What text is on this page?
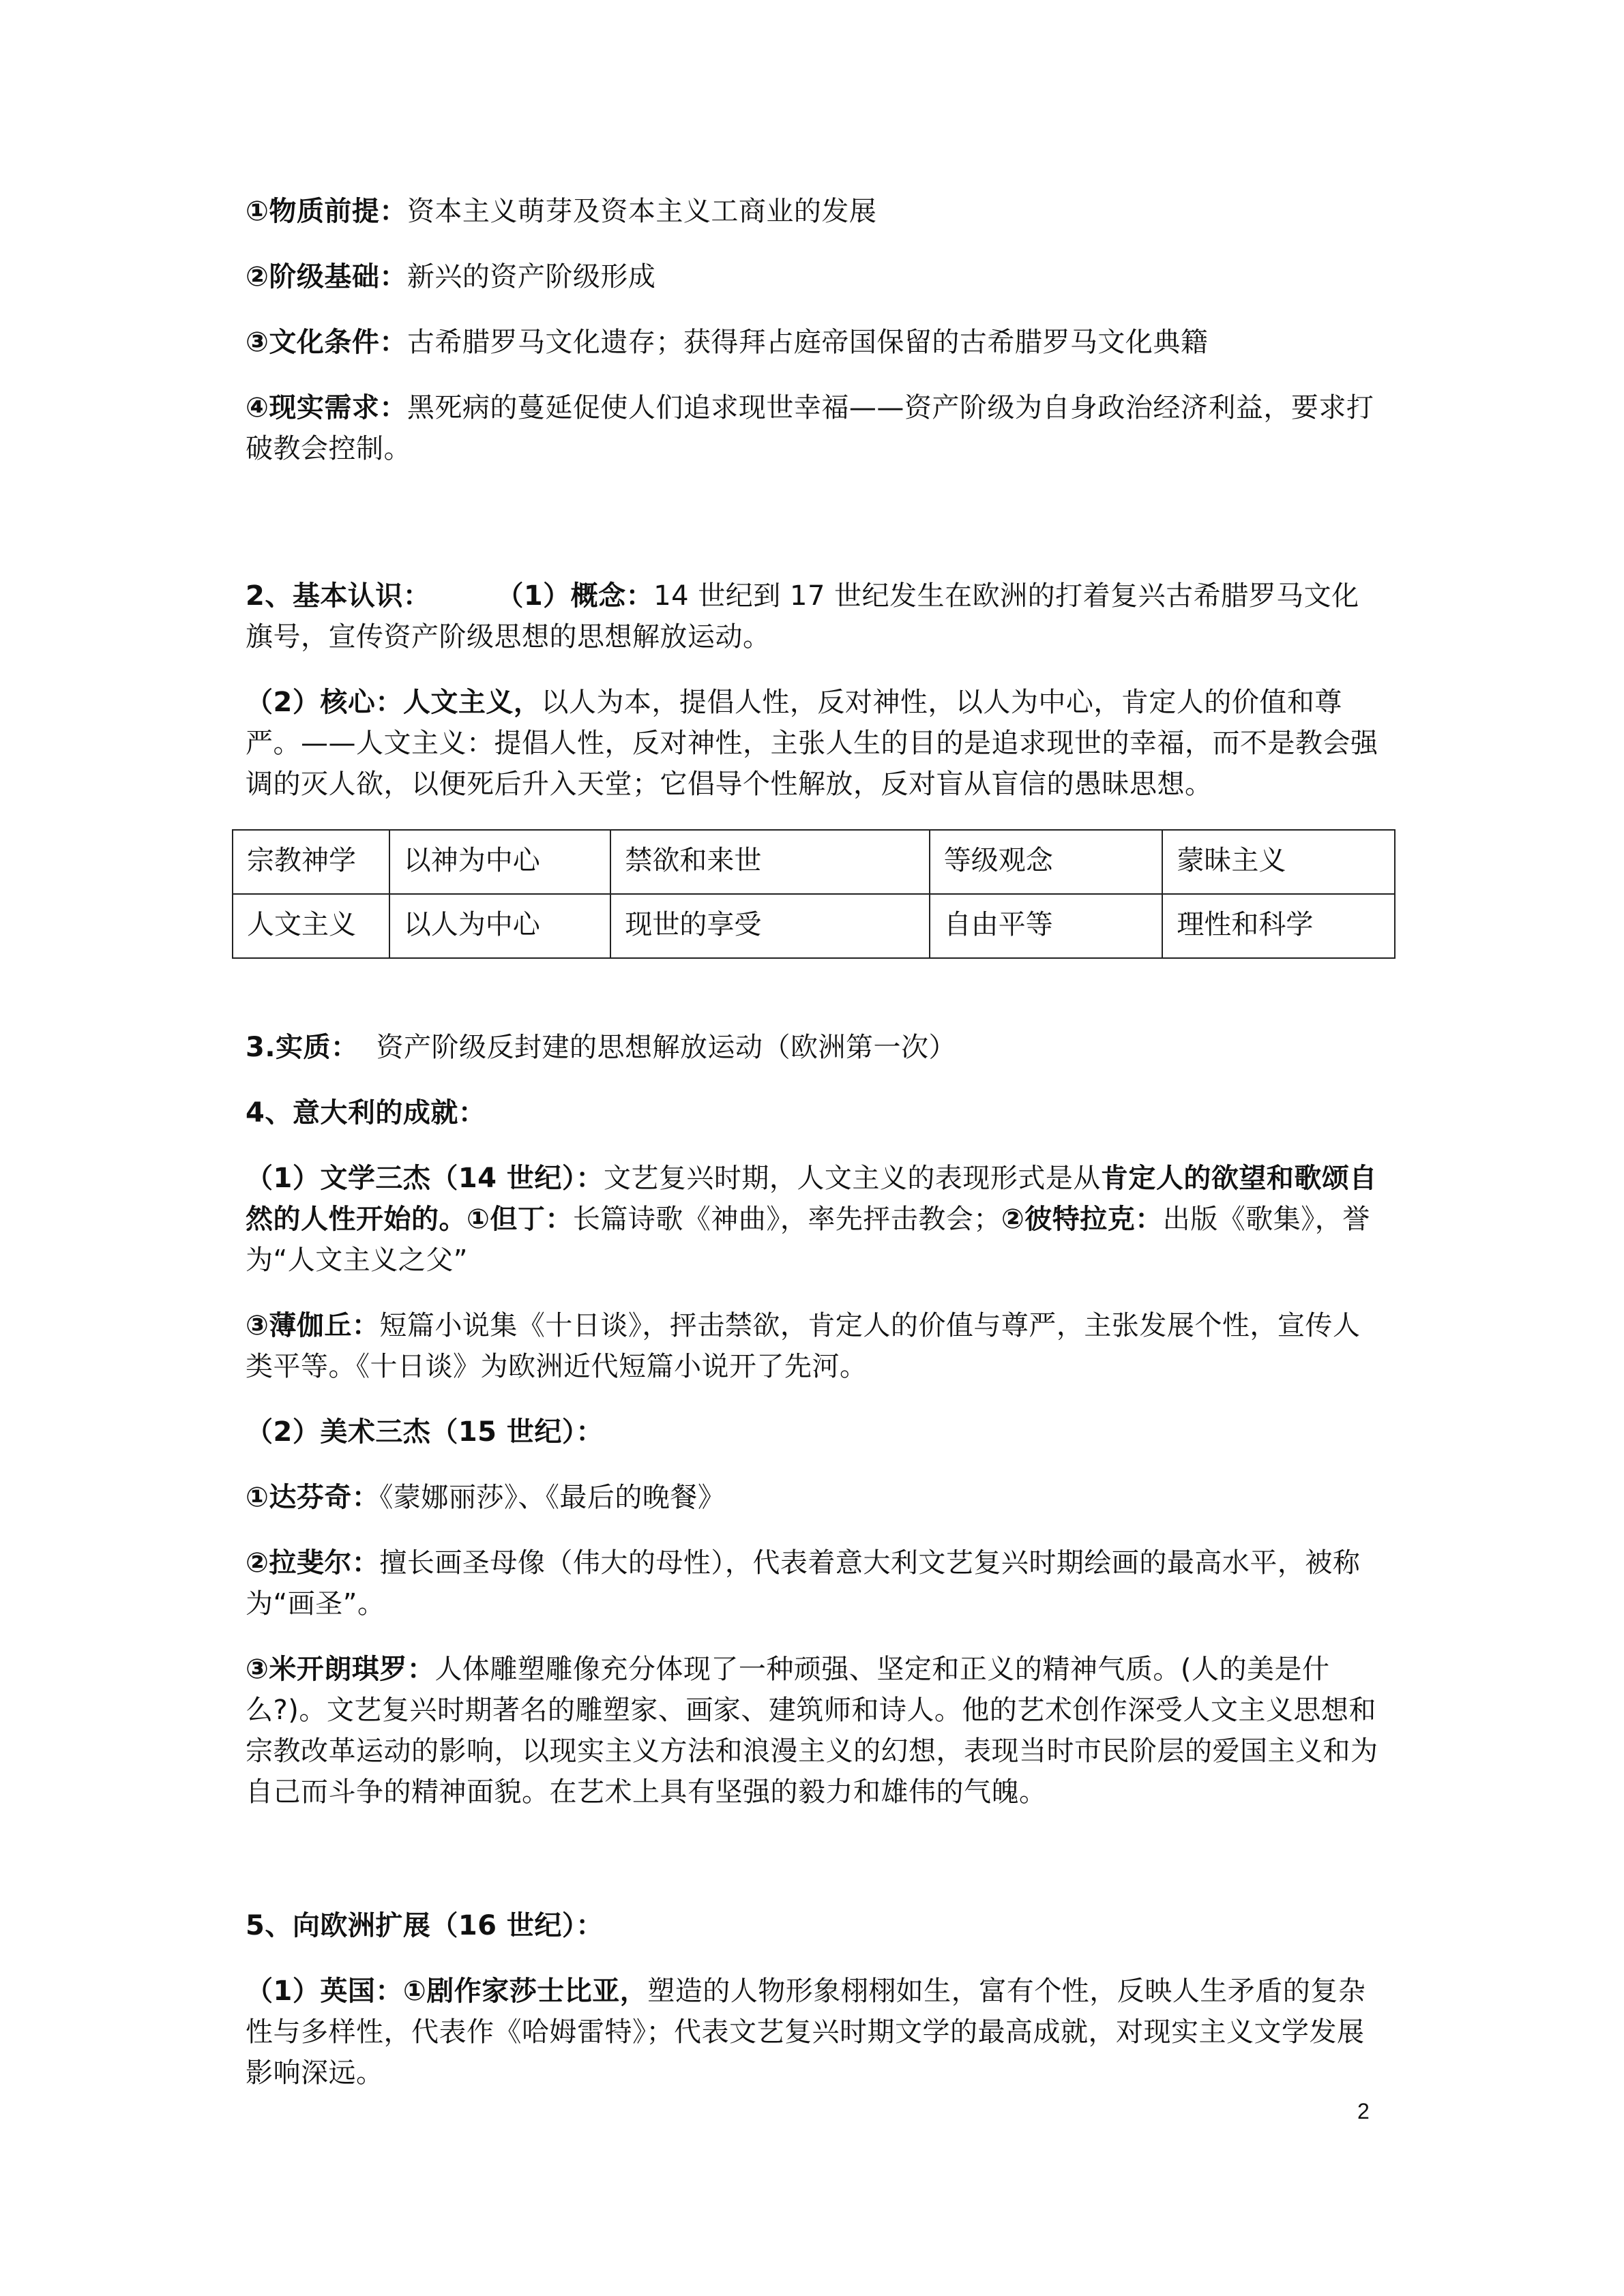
①物质前提：资本主义萌芽及资本主义工商业的发展

②阶级基础：新兴的资产阶级形成

③文化条件：古希腊罗马文化遗存；获得拜占庭帝国保留的古希腊罗马文化典籍

④现实需求：黑死病的蔓延促使人们追求现世幸福——资产阶级为自身政治经济利益，要求打破教会控制。

2、基本认识： （1）概念：14 世纪到 17 世纪发生在欧洲的打着复兴古希腊罗马文化旗号，宣传资产阶级思想的思想解放运动。

（2）核心：人文主义，以人为本，提倡人性，反对神性，以人为中心，肯定人的价值和尊严。——人文主义：提倡人性，反对神性，主张人生的目的是追求现世的幸福，而不是教会强调的灭人欲，以便死后升入天堂；它倡导个性解放，反对盲从盲信的愚昧思想。

宗教神学	以神为中心	禁欲和来世	等级观念	蒙昧主义
人文主义	以人为中心	现世的享受	自由平等	理性和科学

3.实质： 资产阶级反封建的思想解放运动（欧洲第一次）

4、意大利的成就：

（1）文学三杰（14 世纪）：文艺复兴时期，人文主义的表现形式是从肯定人的欲望和歌颂自然的人性开始的。①但丁：长篇诗歌《神曲》，率先抨击教会；②彼特拉克：出版《歌集》，誉为“人文主义之父”

③薄伽丘：短篇小说集《十日谈》，抨击禁欲，肯定人的价值与尊严，主张发展个性，宣传人类平等。《十日谈》为欧洲近代短篇小说开了先河。

（2）美术三杰（15 世纪）：

①达芬奇：《蒙娜丽莎》、《最后的晚餐》

②拉斐尔：擅长画圣母像（伟大的母性），代表着意大利文艺复兴时期绘画的最高水平，被称为“画圣”。

③米开朗琪罗：人体雕塑雕像充分体现了一种顽强、坚定和正义的精神气质。(人的美是什么?)。文艺复兴时期著名的雕塑家、画家、建筑师和诗人。他的艺术创作深受人文主义思想和宗教改革运动的影响，以现实主义方法和浪漫主义的幻想，表现当时市民阶层的爱国主义和为自己而斗争的精神面貌。在艺术上具有坚强的毅力和雄伟的气魄。

5、向欧洲扩展（16 世纪）：

（1）英国：①剧作家莎士比亚，塑造的人物形象栩栩如生，富有个性，反映人生矛盾的复杂性与多样性，代表作《哈姆雷特》；代表文艺复兴时期文学的最高成就，对现实主义文学发展影响深远。

2
